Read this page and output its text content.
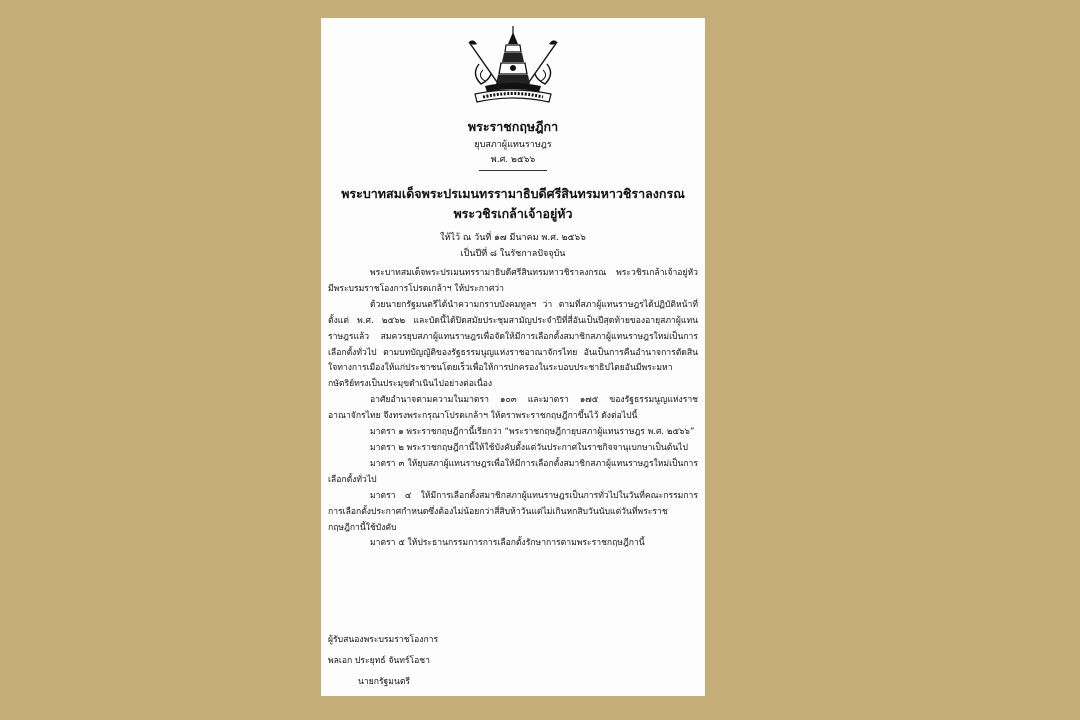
พระราชกฤษฎีกา
ยุบสภาผู้แทนราษฎร
พ.ศ. ๒๕๖๖
พระบาทสมเด็จพระปรเมนทรรามาธิบดีศรีสินทรมหาวชิราลงกรณ
พระวชิรเกล้าเจ้าอยู่หัว
ให้ไว้ ณ วันที่ ๑๗ มีนาคม พ.ศ. ๒๕๖๖
เป็นปีที่ ๘ ในรัชกาลปัจจุบัน

พระบาทสมเด็จพระปรเมนทรรามาธิบดีศรีสินทรมหาวชิราลงกรณ พระวชิรเกล้าเจ้าอยู่หัว มีพระบรมราชโองการโปรดเกล้าฯ ให้ประกาศว่า

ด้วยนายกรัฐมนตรีได้นำความกราบบังคมทูลฯ ว่า ตามที่สภาผู้แทนราษฎรได้ปฏิบัติหน้าที่ตั้งแต่ พ.ศ. ๒๕๖๒ และบัดนี้ได้ปิดสมัยประชุมสามัญประจำปีที่สี่อันเป็นปีสุดท้ายของอายุสภาผู้แทนราษฎรแล้ว สมควรยุบสภาผู้แทนราษฎรเพื่อจัดให้มีการเลือกตั้งสมาชิกสภาผู้แทนราษฎรใหม่เป็นการเลือกตั้งทั่วไป ตามบทบัญญัติของรัฐธรรมนูญแห่งราชอาณาจักรไทย อันเป็นการคืนอำนาจการตัดสินใจทางการเมืองให้แก่ประชาชนโดยเร็วเพื่อให้การปกครองในระบอบประชาธิปไตยอันมีพระมหากษัตริย์ทรงเป็นประมุขดำเนินไปอย่างต่อเนื่อง

อาศัยอำนาจตามความในมาตรา ๑๐๓ และมาตรา ๑๗๕ ของรัฐธรรมนูญแห่งราชอาณาจักรไทย จึงทรงพระกรุณาโปรดเกล้าฯ ให้ตราพระราชกฤษฎีกาขึ้นไว้ ดังต่อไปนี้

มาตรา ๑ พระราชกฤษฎีกานี้เรียกว่า “พระราชกฤษฎีกายุบสภาผู้แทนราษฎร พ.ศ. ๒๕๖๖”

มาตรา ๒ พระราชกฤษฎีกานี้ให้ใช้บังคับตั้งแต่วันประกาศในราชกิจจานุเบกษาเป็นต้นไป

มาตรา ๓ ให้ยุบสภาผู้แทนราษฎรเพื่อให้มีการเลือกตั้งสมาชิกสภาผู้แทนราษฎรใหม่เป็นการเลือกตั้งทั่วไป

มาตรา ๔ ให้มีการเลือกตั้งสมาชิกสภาผู้แทนราษฎรเป็นการทั่วไปในวันที่คณะกรรมการการเลือกตั้งประกาศกำหนดซึ่งต้องไม่น้อยกว่าสี่สิบห้าวันแต่ไม่เกินหกสิบวันนับแต่วันที่พระราชกฤษฎีกานี้ใช้บังคับ

มาตรา ๕ ให้ประธานกรรมการการเลือกตั้งรักษาการตามพระราชกฤษฎีกานี้

ผู้รับสนองพระบรมราชโองการ
พลเอก ประยุทธ์ จันทร์โอชา
นายกรัฐมนตรี
